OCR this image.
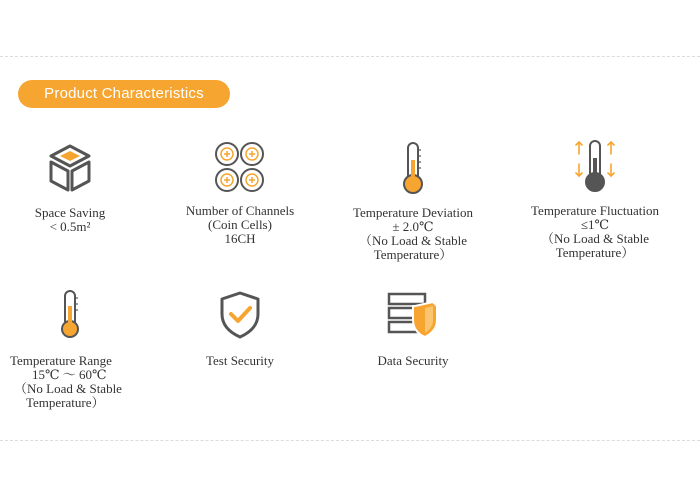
Product Characteristics
Space Saving
< 0.5m²
Number of Channels
(Coin Cells)
16CH
Temperature Deviation
± 2.0℃
（No Load & Stable
Temperature）
Temperature Fluctuation
≤1℃
（No Load & Stable
Temperature）
Temperature Range
15℃ ～ 60℃
（No Load & Stable
Temperature）
Test Security	Data Security
